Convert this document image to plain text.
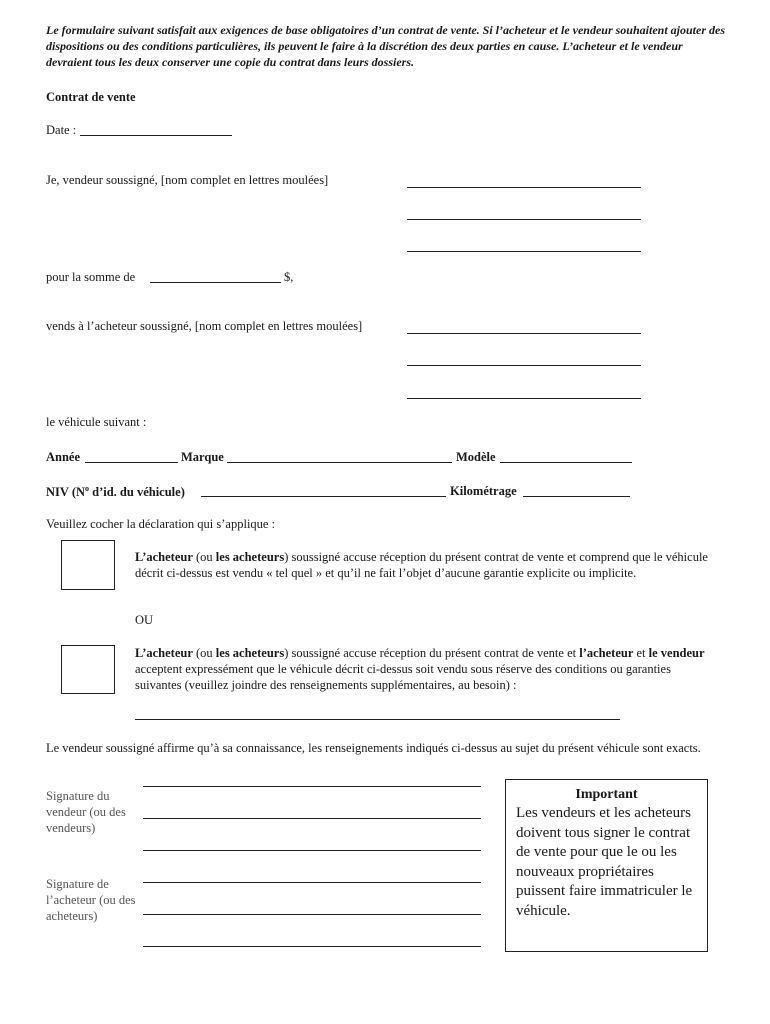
Le formulaire suivant satisfait aux exigences de base obligatoires d’un contrat de vente. Si l’acheteur et le vendeur souhaitent ajouter des dispositions ou des conditions particulières, ils peuvent le faire à la discrétion des deux parties en cause. L’acheteur et le vendeur devraient tous les deux conserver une copie du contrat dans leurs dossiers.
Contrat de vente
Date :
Je, vendeur soussigné, [nom complet en lettres moulées]
pour la somme de	$,
vends à l’acheteur soussigné, [nom complet en lettres moulées]
le véhicule suivant :
Année	Marque	Modèle
NIV ($N^o$ d’id. du véhicule)	Kilométrage
Veuillez cocher la déclaration qui s’applique :
L’acheteur (ou les acheteurs) soussigné accuse réception du présent contrat de vente et comprend que le véhicule décrit ci-dessus est vendu « tel quel » et qu’il ne fait l’objet d’aucune garantie explicite ou implicite.
OU
L’acheteur (ou les acheteurs) soussigné accuse réception du présent contrat de vente et l’acheteur et le vendeur acceptent expressément que le véhicule décrit ci-dessus soit vendu sous réserve des conditions ou garanties suivantes (veuillez joindre des renseignements supplémentaires, au besoin) :
Le vendeur soussigné affirme qu’à sa connaissance, les renseignements indiqués ci-dessus au sujet du présent véhicule sont exacts.
Signature du vendeur (ou des vendeurs)
Signature de l’acheteur (ou des acheteurs)
Important
Les vendeurs et les acheteurs doivent tous signer le contrat de vente pour que le ou les nouveaux propriétaires puissent faire immatriculer le véhicule.
